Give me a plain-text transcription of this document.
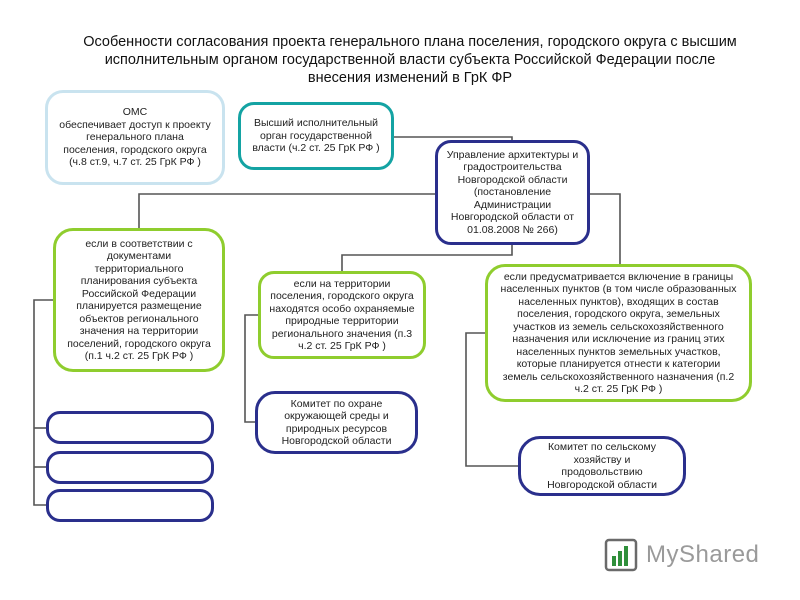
Особенности согласования проекта генерального плана поселения, городского округа с высшим исполнительным органом государственной власти субъекта Российской Федерации после внесения изменений в ГрК ФР
ОМС
обеспечивает доступ к проекту
генерального плана
поселения, городского округа
(ч.8 ст.9, ч.7 ст. 25 ГрК РФ )
Высший исполнительный
орган государственной
власти (ч.2 ст. 25 ГрК РФ )
Управление архитектуры и
градостроительства
Новгородской области
(постановление
Администрации
Новгородской области от
01.08.2008 № 266)
если в соответствии с
документами
территориального
планирования субъекта
Российской Федерации
планируется размещение
объектов регионального
значения на территории
поселений, городского округа
(п.1 ч.2 ст. 25 ГрК РФ )
если на территории
поселения, городского округа
находятся особо охраняемые
природные территории
регионального значения (п.3
ч.2 ст. 25 ГрК РФ )
если предусматривается включение в границы
населенных пунктов (в том числе образованных
населенных пунктов), входящих в состав
поселения, городского округа, земельных
участков из земель сельскохозяйственного
назначения или исключение из границ этих
населенных пунктов земельных участков,
которые планируется отнести к категории
земель сельскохозяйственного назначения (п.2
ч.2 ст. 25 ГрК РФ )
Комитет по охране
окружающей среды и
природных ресурсов
Новгородской области	Комитет по сельскому
хозяйству и
продовольствию
Новгородской области
MyShared
